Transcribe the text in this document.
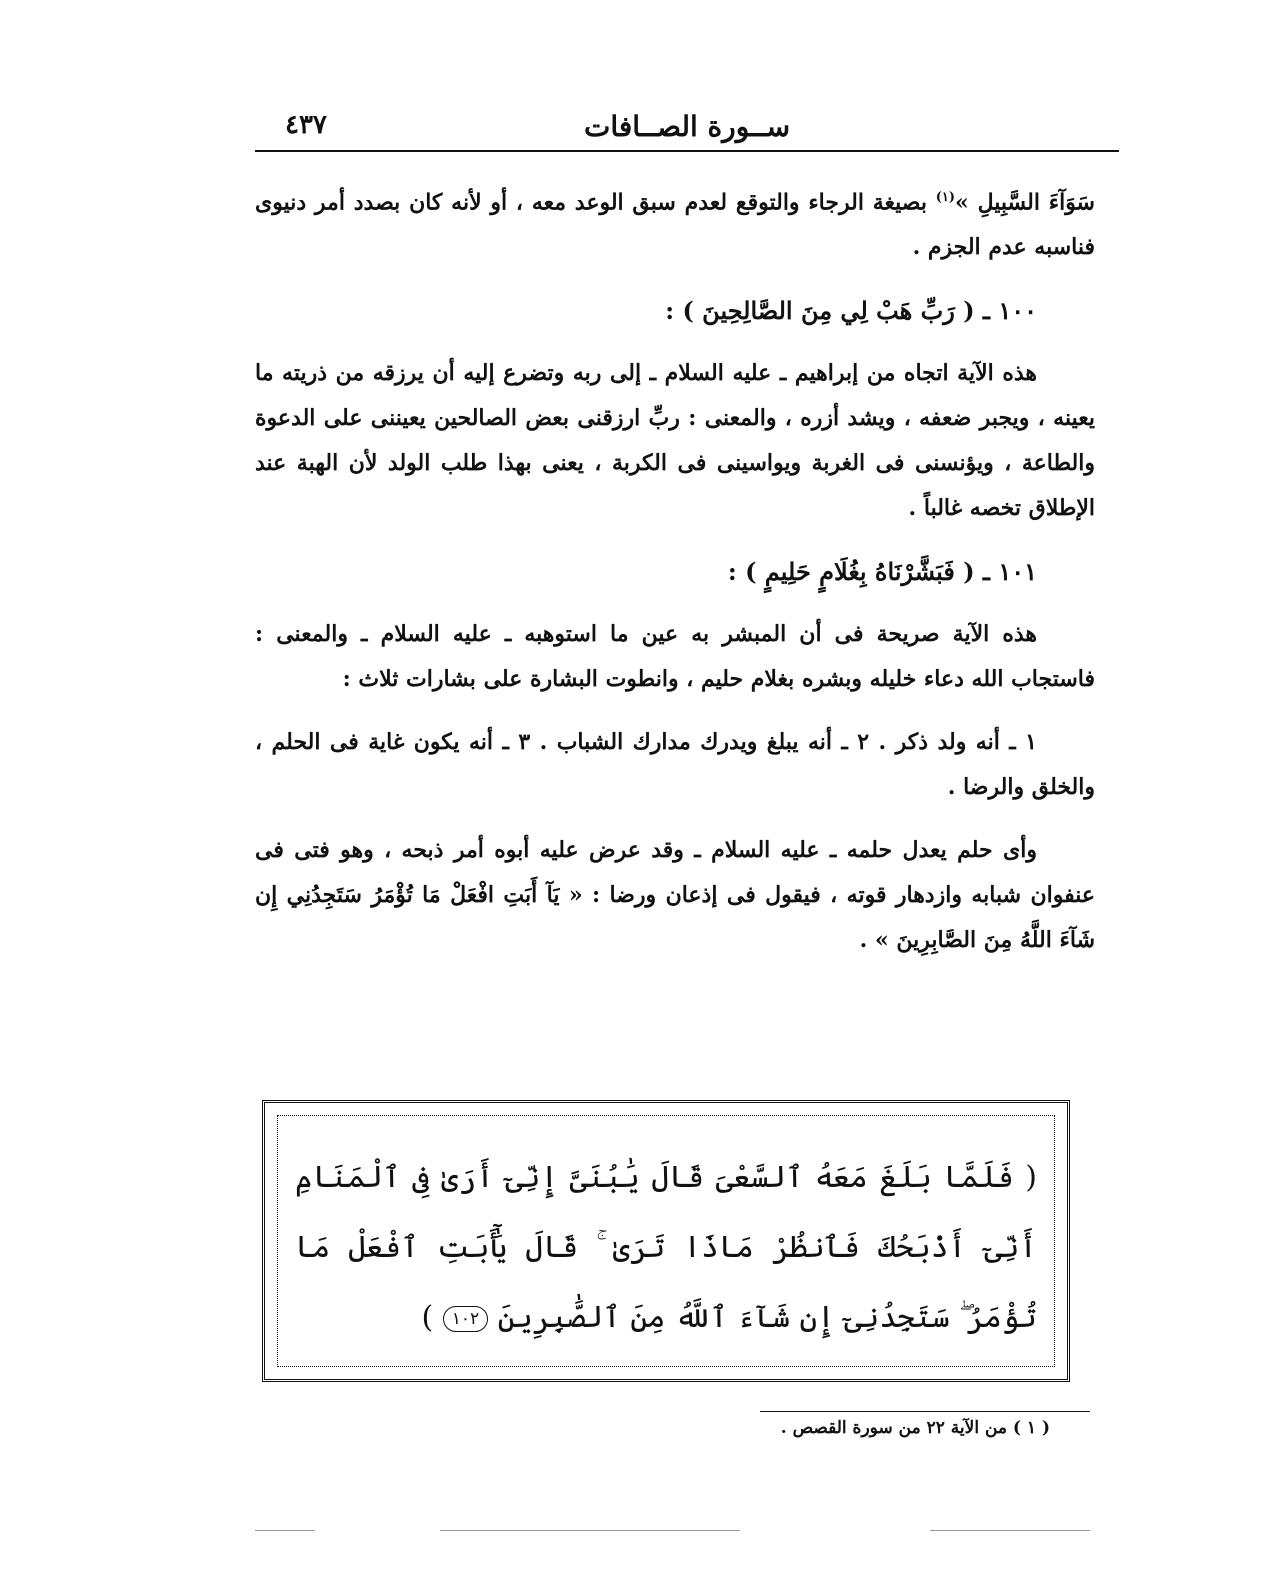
ســورة الصــافات
٤٣٧

سَوَآءَ السَّبِيلِ »$^{(١)}$ بصيغة الرجاء والتوقع لعدم سبق الوعد معه ، أو لأنه كان بصدد أمر دنيوى فناسبه عدم الجزم .

١٠٠ ـ ( رَبِّ هَبْ لِي مِنَ الصَّالِحِينَ ) :

هذه الآية اتجاه من إبراهيم ـ عليه السلام ـ إلى ربه وتضرع إليه أن يرزقه من ذريته ما يعينه ، ويجبر ضعفه ، ويشد أزره ، والمعنى : ربِّ ارزقنى بعض الصالحين يعيننى على الدعوة والطاعة ، ويؤنسنى فى الغربة ويواسينى فى الكربة ، يعنى بهذا طلب الولد لأن الهبة عند الإطلاق تخصه غالباً .

١٠١ ـ ( فَبَشَّرْنَاهُ بِغُلَامٍ حَلِيمٍ ) :

هذه الآية صريحة فى أن المبشر به عين ما استوهبه ـ عليه السلام ـ والمعنى : فاستجاب الله دعاء خليله وبشره بغلام حليم ، وانطوت البشارة على بشارات ثلاث :

١ ـ أنه ولد ذكر . ٢ ـ أنه يبلغ ويدرك مدارك الشباب . ٣ ـ أنه يكون غاية فى الحلم ، والخلق والرضا .

وأى حلم يعدل حلمه ـ عليه السلام ـ وقد عرض عليه أبوه أمر ذبحه ، وهو فتى فى عنفوان شبابه وازدهار قوته ، فيقول فى إذعان ورضا : « يَآ أَبَتِ افْعَلْ مَا تُؤْمَرُ سَتَجِدُنِي إِن شَآءَ اللَّهُ مِنَ الصَّابِرِينَ » .

( فَلَمَّا بَلَغَ مَعَهُ ٱلسَّعْىَ قَالَ يَٰبُنَىَّ إِنِّىٓ أَرَىٰ فِى ٱلْمَنَامِ أَنِّىٓ أَذْبَحُكَ فَٱنظُرْ مَاذَا تَرَىٰ ۚ قَالَ يَٰٓأَبَتِ ٱفْعَلْ مَا تُؤْمَرُ ۖ سَتَجِدُنِىٓ إِن شَآءَ ٱللَّهُ مِنَ ٱلصَّٰبِرِينَ ١٠٢ )
( ١ ) من الآية ٢٢ من سورة القصص .
